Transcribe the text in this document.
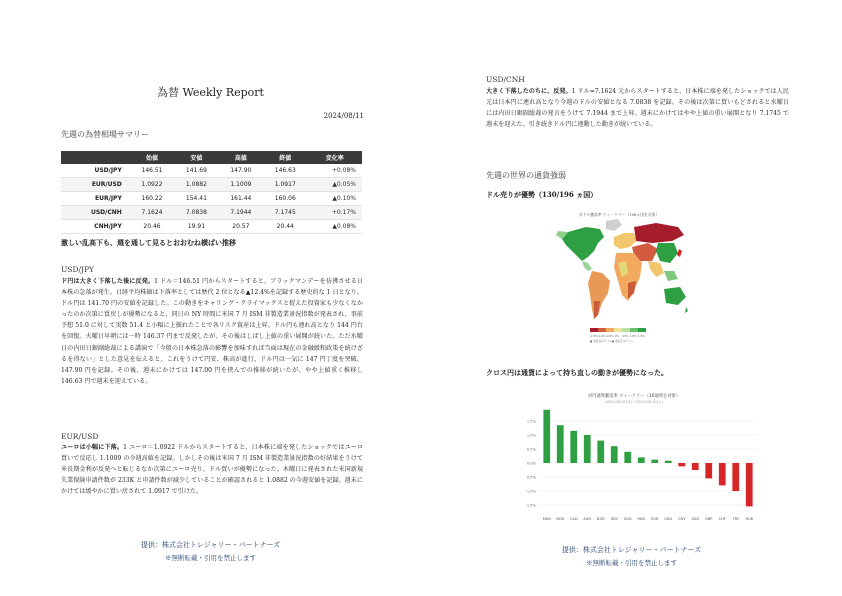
為替 Weekly Report
2024/08/11
先週の為替相場サマリー
	始値	安値	高値	終値	変化率
USD/JPY	146.51	141.69	147.90	146.63	+0.08%
EUR/USD	1.0922	1.0882	1.1009	1.0917	▲0.05%
EUR/JPY	160.22	154.41	161.44	160.06	▲0.10%
USD/CNH	7.1624	7.0838	7.1944	7.1745	+0.17%
CNH/JPY	20.46	19.91	20.57	20.44	▲0.08%
激しい乱高下も、週を通して見るとおおむね横ばい推移
USD/JPY
ド円は大きく下落した後に反発。1 ドル＝146.51 円からスタートすると、ブラックマンデーを彷彿させる日本株の急落が発生。日経平均株価は下落率としては歴代 2 位となる▲12.4%を記録する歴史的な 1 日となり、ドル円は 141.70 円の安値を記録した。この動きをキャリング・クライマックスと捉えた投資家も少なくなかったのか次第に買戻しが優勢になると、同日の NY 時間に米国 7 月 ISM 非製造業景況指数が発表され、事前予想 51.0 に対して実数 51.4 と小幅に上振れたことで各リスク資産は上昇、ドル円も連れ高となり 144 円台を回復。火曜日早朝には一時 146.37 円まで反発したが、その後はしばし上値の重い展開が続いた。ただ水曜日の内田日銀副総裁による講演で「今般の日本株急落の影響を加味すれば当面は現在の金融緩和政策を続けざるを得ない」とした意見を伝えると、これをうけて円安、株高が進行、ドル円は一気に 147 円丁度を突破、147.90 円を記録。その後、週末にかけては 147.00 円を挟んでの推移が続いたが、やや上値重く推移し 146.63 円で週末を迎えている。
EUR/USD
ユーロは小幅に下落。1 ユーロ＝1.0922 ドルからスタートすると、日本株に端を発したショックではユーロ買いで反応し 1.1009 の今週高値を記録。しかしその後は米国 7 月 ISM 非製造業景況指数の好結果をうけて米長期金利が反発へと転じるなか次第にユーロ売り、ドル買いが優勢になった。木曜日に発表された米国新規失業保険申請件数が 233K と申請件数が減少していることが確認されると 1.0882 の今週安値を記録。週末にかけては緩やかに買い戻されて 1.0917 で引けた。
提供：株式会社トレジャリー・パートナーズ
※無断転載・引用を禁止します
USD/CNH
大きく下落したのちに、反発。1 ドル=7.1624 元からスタートすると、日本株に端を発したショックでは人民元は日本円に連れ高となり今週のドルの安値となる 7.0838 を記録。その後は次第に買いもどされると水曜日には内田日銀副総裁の発言をうけて 7.1944 まで上昇。週末にかけてはやや上値の重い展開となり 7.1745 で週末を迎えた。引き続きドル円に連動した動きが続いている。
先週の世界の通貨強弱
ドル売りが優勢（130/196 ヵ国）
対ドル騰落率 ウィークリー（196ヵ国を対象）
-1.5% -1.0% -0.5% 0% 0.5% 1.0% 1.5%
■ 通貨高(対ドル) ■ 通貨安(対ドル)
クロス円は通貨によって持ち直しの動きが優勢になった。
対円通貨騰落率 ウィークリー（16通貨を対象）
2024-08-05(月)〜2024-08-10(土)
-1.5%
-1.0%
-0.5%
0.0%
0.5%
1.0%
1.5%
MXN NOK CAD AUD NZD SEK SGD HKD EUR USD CNY ZAR GBP CHF TRY RUB
提供：株式会社トレジャリー・パートナーズ
※無断転載・引用を禁止します
